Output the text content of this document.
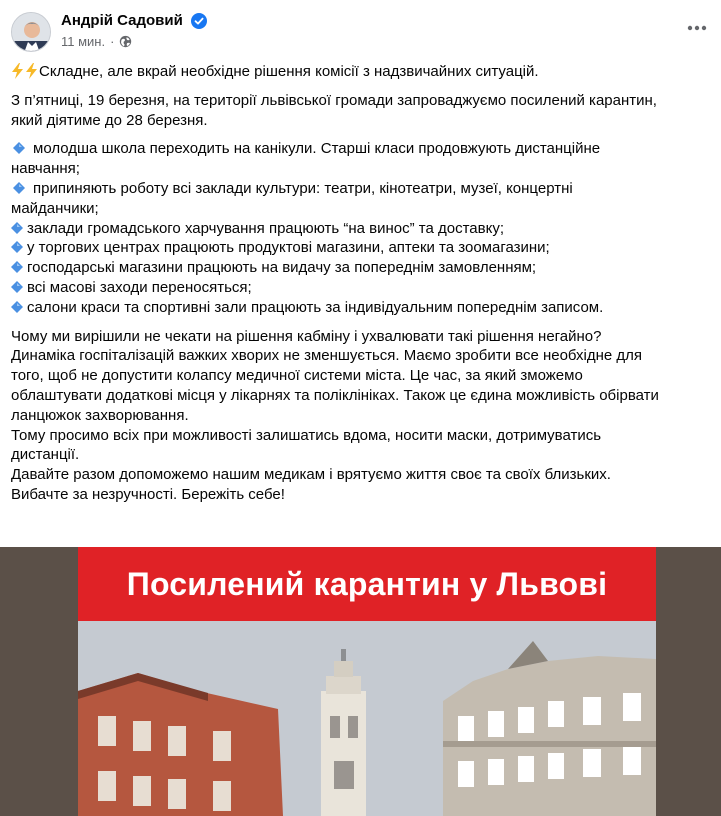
Андрій Садовий
11 мин. ·
Складне, але вкрай необхідне рішення комісії з надзвичайних ситуацій.
З п’ятниці, 19 березня, на території львівської громади запроваджуємо посилений карантин,
який діятиме до 28 березня.
молодша школа переходить на канікули. Старші класи продовжують дистанційне
навчання;
припиняють роботу всі заклади культури: театри, кінотеатри, музеї, концертні
майданчики;
заклади громадського харчування працюють “на винос” та доставку;
у торгових центрах працюють продуктові магазини, аптеки та зоомагазини;
господарські магазини працюють на видачу за попереднім замовленням;
всі масові заходи переносяться;
салони краси та спортивні зали працюють за індивідуальним попереднім записом.
Чому ми вирішили не чекати на рішення кабміну і ухвалювати такі рішення негайно?
Динаміка госпіталізацій важких хворих не зменшується. Маємо зробити все необхідне для
того, щоб не допустити колапсу медичної системи міста. Це час, за який зможемо
облаштувати додаткові місця у лікарнях та поліклініках. Також це єдина можливість обірвати
ланцюжок захворювання.
Тому просимо всіх при можливості залишатись вдома, носити маски, дотримуватись
дистанції.
Давайте разом допоможемо нашим медикам і врятуємо життя своє та своїх близьких.
Вибачте за незручності. Бережіть себе!
Посилений карантин у Львові
